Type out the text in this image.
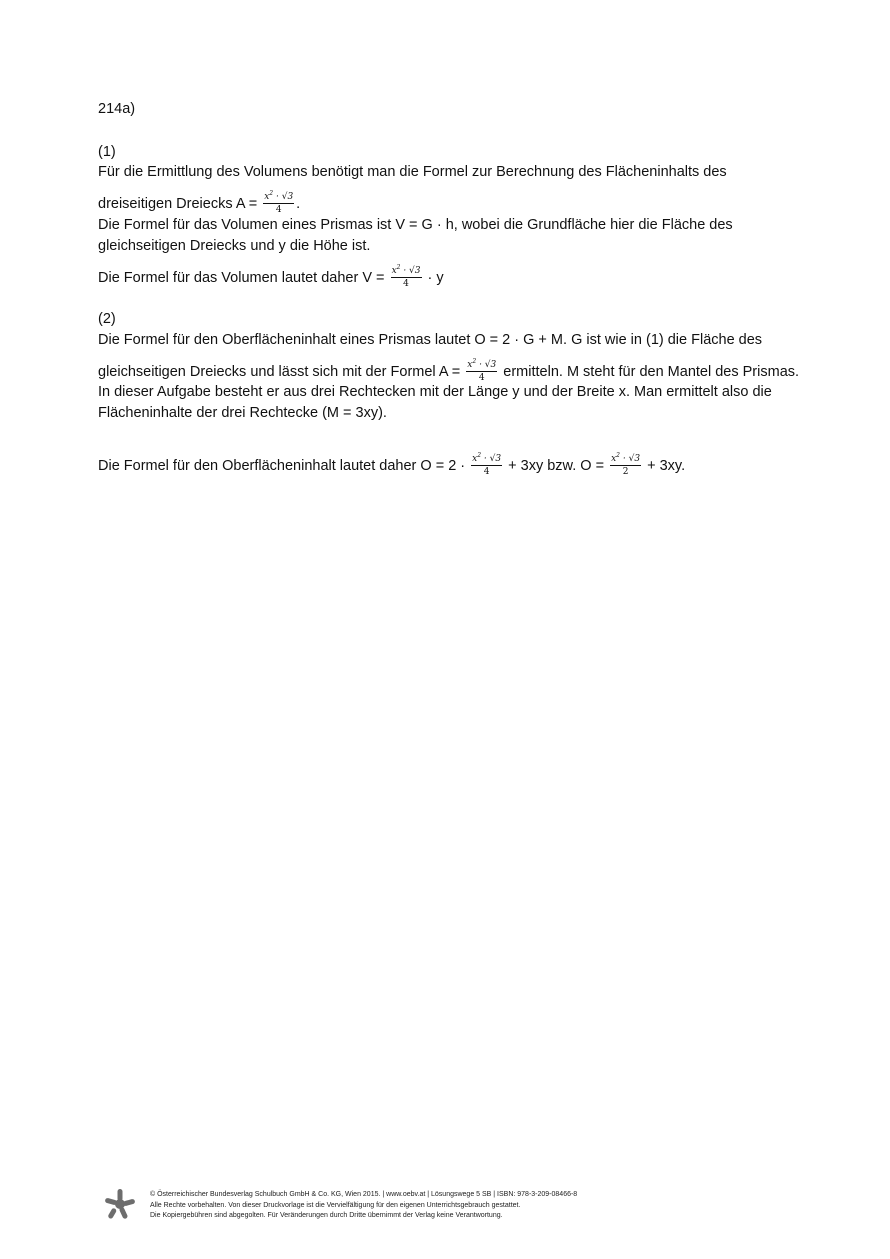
214a)
(1)
Für die Ermittlung des Volumens benötigt man die Formel zur Berechnung des Flächeninhalts des
dreiseitigen Dreiecks $A = \frac{x^2 \cdot √3}{4}$ .
Die Formel für das Volumen eines Prismas ist V = G · h, wobei die Grundfläche hier die Fläche des
gleichseitigen Dreiecks und y die Höhe ist.
Die Formel für das Volumen lautet daher $V = \frac{x^2 \cdot √3}{4} \cdot y$
(2)
Die Formel für den Oberflächeninhalt eines Prismas lautet O = 2 · G + M. G ist wie in (1) die Fläche des
gleichseitigen Dreiecks und lässt sich mit der Formel $A = \frac{x^2 \cdot √3}{4}$ ermitteln. M steht für den Mantel des Prismas.
In dieser Aufgabe besteht er aus drei Rechtecken mit der Länge y und der Breite x. Man ermittelt also die
Flächeninhalte der drei Rechtecke (M = 3xy).
Die Formel für den Oberflächeninhalt lautet daher $O = 2 \cdot \frac{x^2 \cdot √3}{4} + 3xy$ bzw. $O = \frac{x^2 \cdot √3}{2} + 3xy$.
© Österreichischer Bundesverlag Schulbuch GmbH & Co. KG, Wien 2015. | www.oebv.at | Lösungswege 5 SB | ISBN: 978-3-209-08466-8
Alle Rechte vorbehalten. Von dieser Druckvorlage ist die Vervielfältigung für den eigenen Unterrichtsgebrauch gestattet.
Die Kopiergebühren sind abgegolten. Für Veränderungen durch Dritte übernimmt der Verlag keine Verantwortung.
